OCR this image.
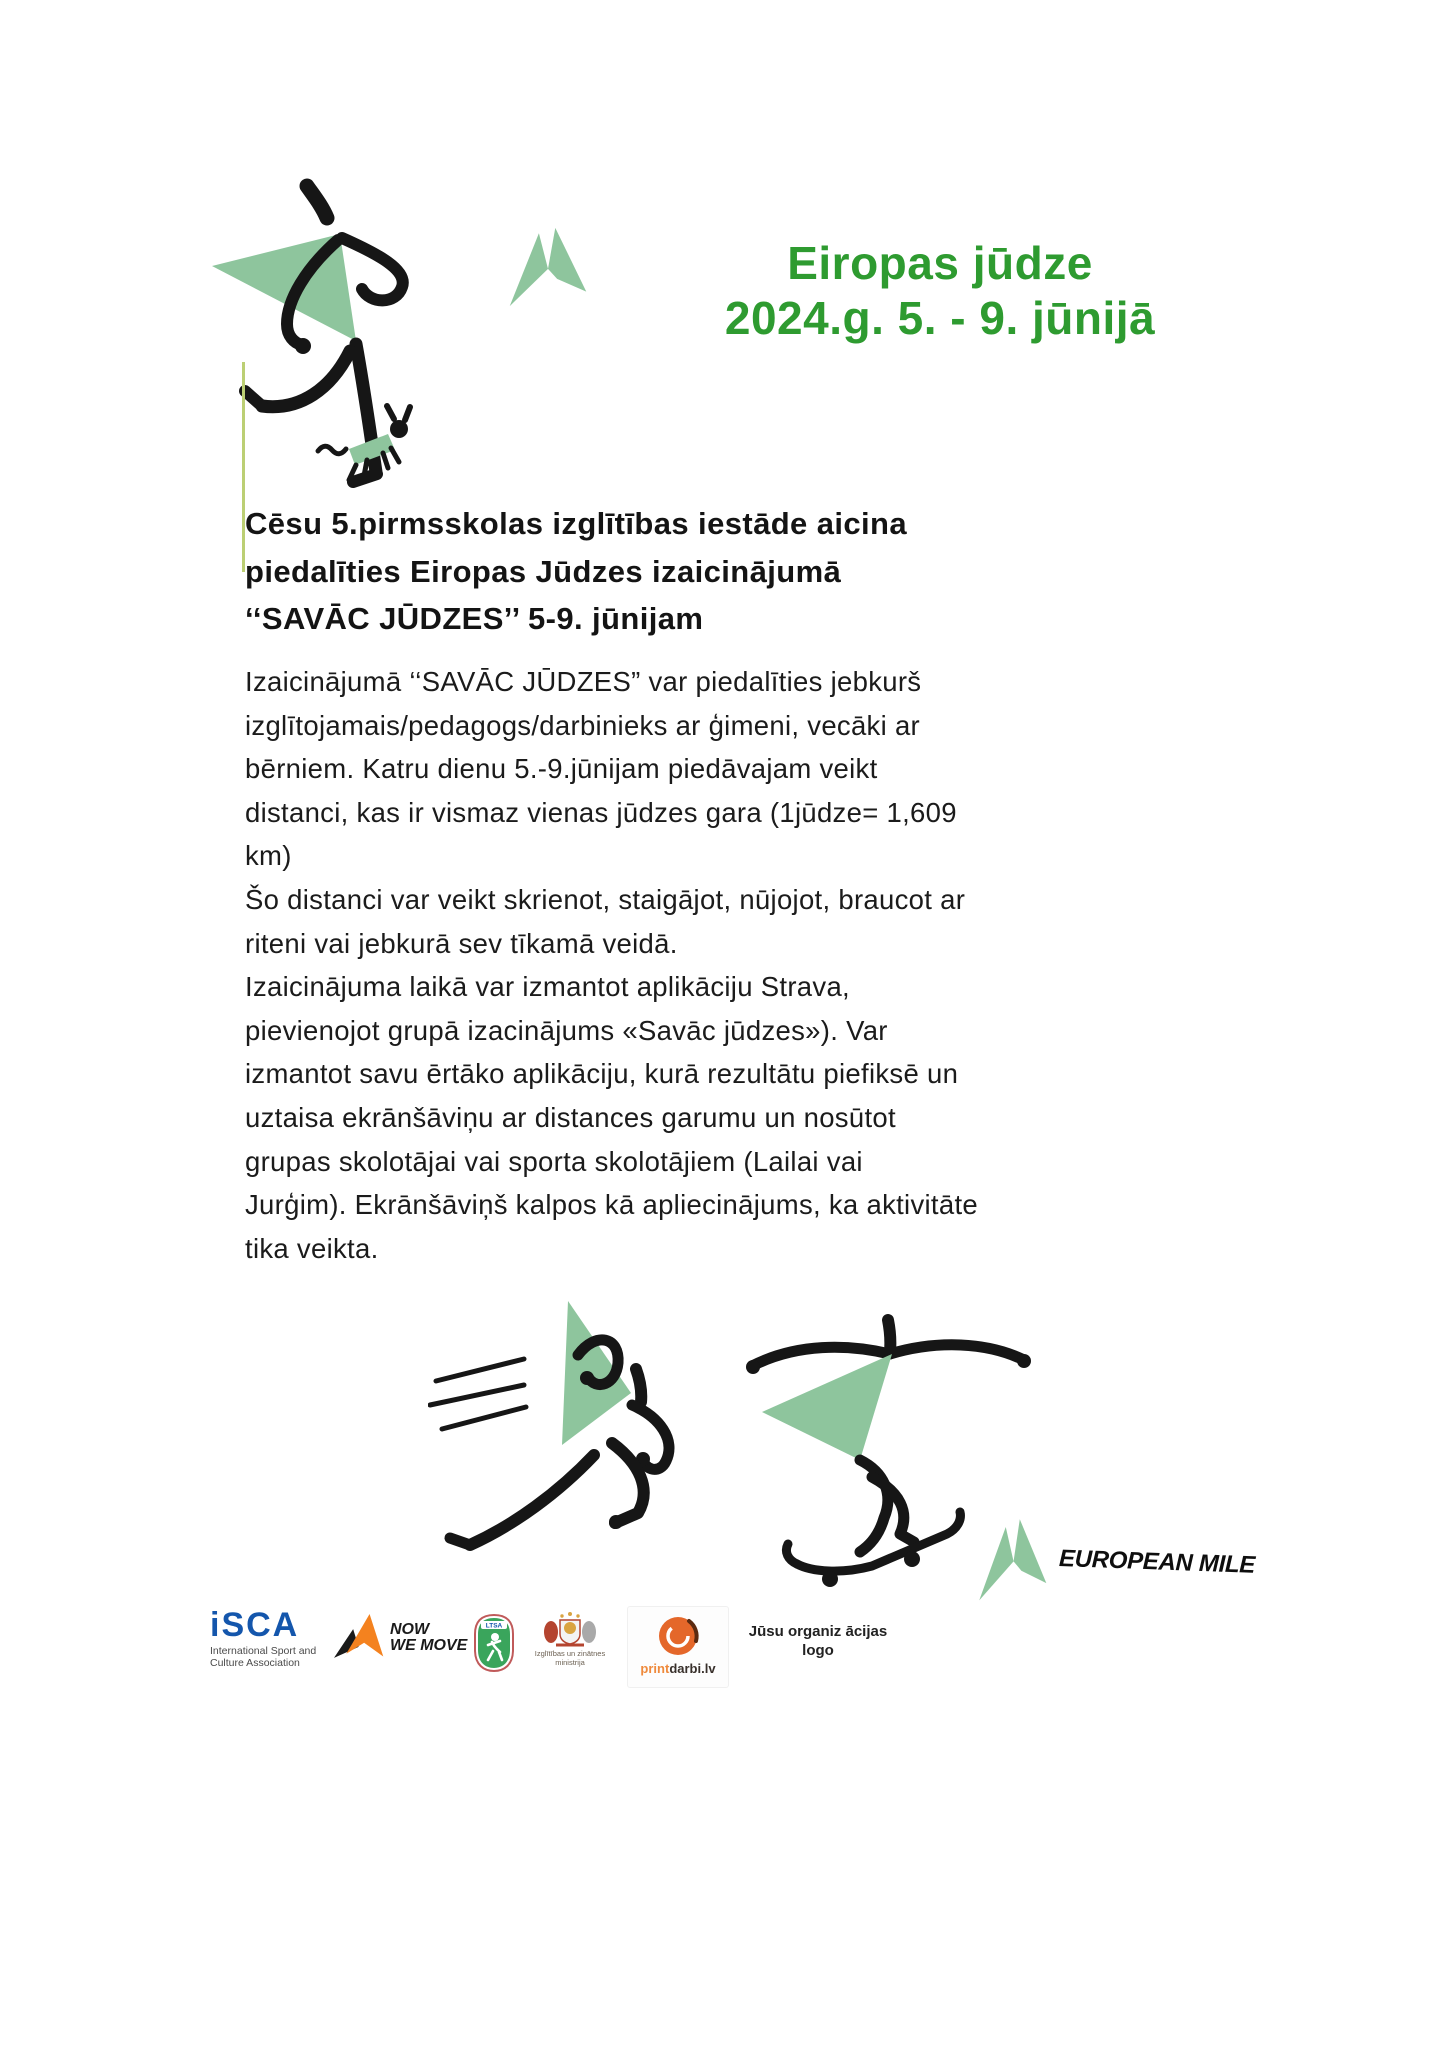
Eiropas jūdze
2024.g. 5. - 9. jūnijā
Cēsu 5.pirmsskolas izglītības iestāde aicina
piedalīties Eiropas Jūdzes izaicinājumā
‘‘SAVĀC JŪDZES’’ 5-9. jūnijam
Izaicinājumā ‘‘SAVĀC JŪDZES” var piedalīties jebkurš
izglītojamais/pedagogs/darbinieks ar ģimeni, vecāki ar
bērniem. Katru dienu 5.-9.jūnijam piedāvajam veikt
distanci, kas ir vismaz vienas jūdzes gara (1jūdze= 1,609
km)
Šo distanci var veikt skrienot, staigājot, nūjojot, braucot ar
riteni vai jebkurā sev tīkamā veidā.
Izaicinājuma laikā var izmantot aplikāciju Strava,
pievienojot grupā izacinājums «Savāc jūdzes»). Var
izmantot savu ērtāko aplikāciju, kurā rezultātu piefiksē un
uztaisa ekrānšāviņu ar distances garumu un nosūtot
grupas skolotājai vai sporta skolotājiem (Lailai vai
Jurģim). Ekrānšāviņš kalpos kā apliecinājums, ka aktivitāte
tika veikta.
EUROPEAN MILE
iSCA
International Sport and
Culture Association
NOW
WE MOVE
LTSA
Izglītības un zinātnes
ministrija	printdarbi.lv
Jūsu organiz ācijas
logo
